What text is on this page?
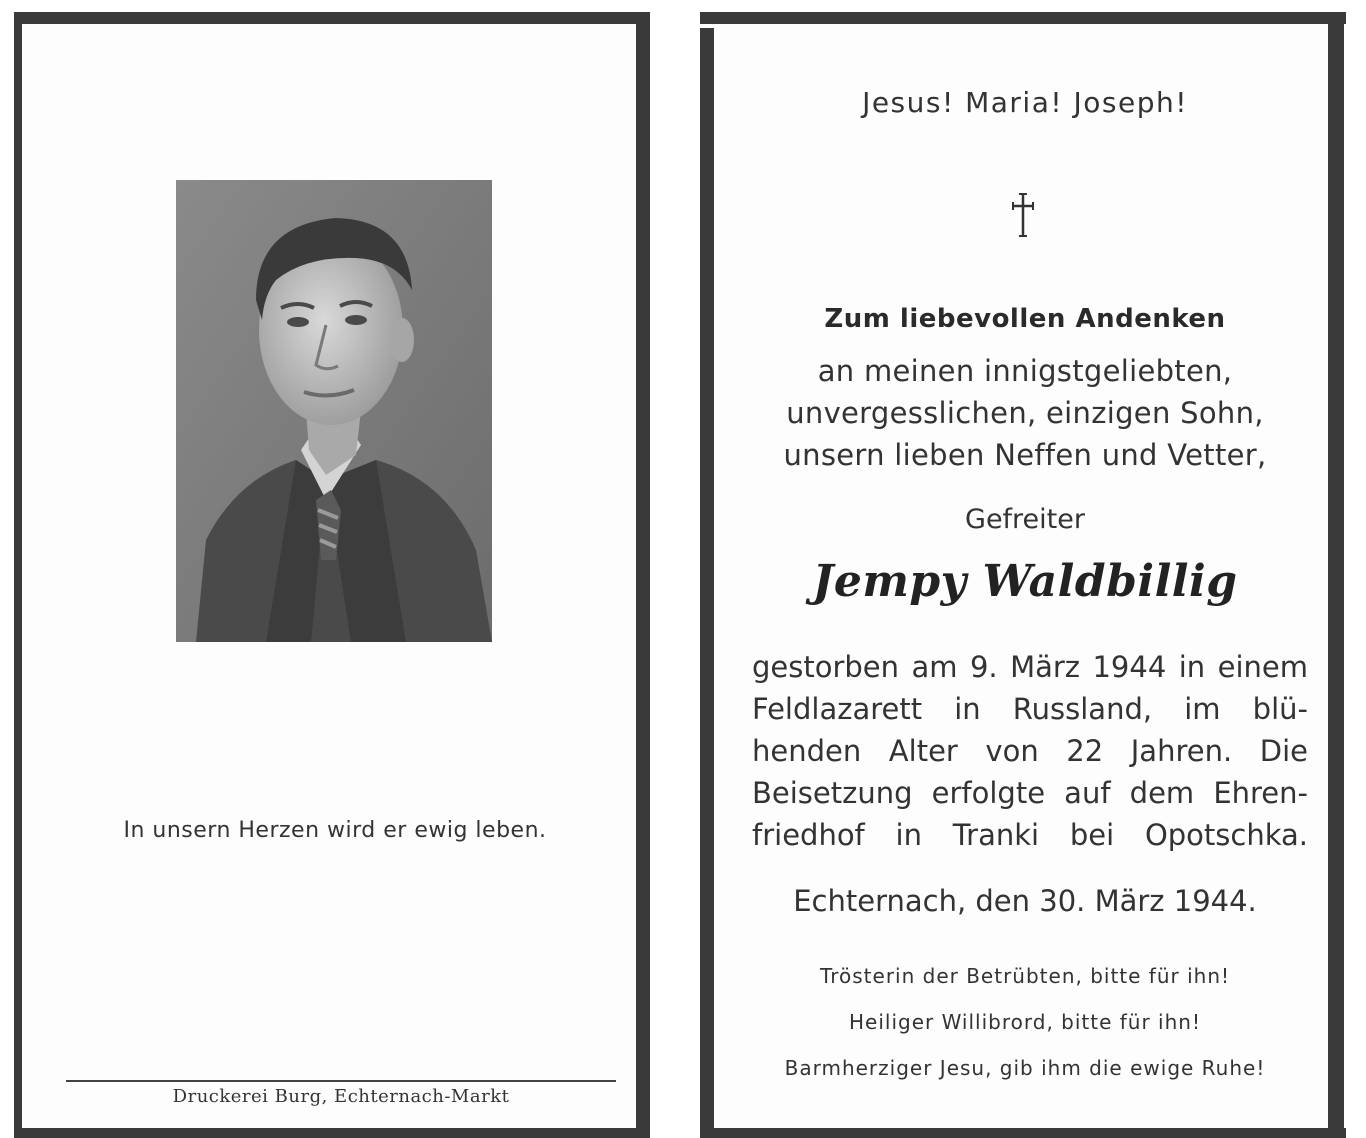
In unsern Herzen wird er ewig leben.
Druckerei Burg, Echternach-Markt
Jesus! Maria! Joseph!
Zum liebevollen Andenken
an meinen innigstgeliebten,
unvergesslichen, einzigen Sohn,
unsern lieben Neffen und Vetter,
Gefreiter
Jempy Waldbillig
gestorben am 9. März 1944 in einem
Feldlazarett in Russland, im blü-
henden Alter von 22 Jahren. Die
Beisetzung erfolgte auf dem Ehren-
friedhof in Tranki bei Opotschka.
Echternach, den 30. März 1944.
Trösterin der Betrübten, bitte für ihn!
Heiliger Willibrord, bitte für ihn!
Barmherziger Jesu, gib ihm die ewige Ruhe!
